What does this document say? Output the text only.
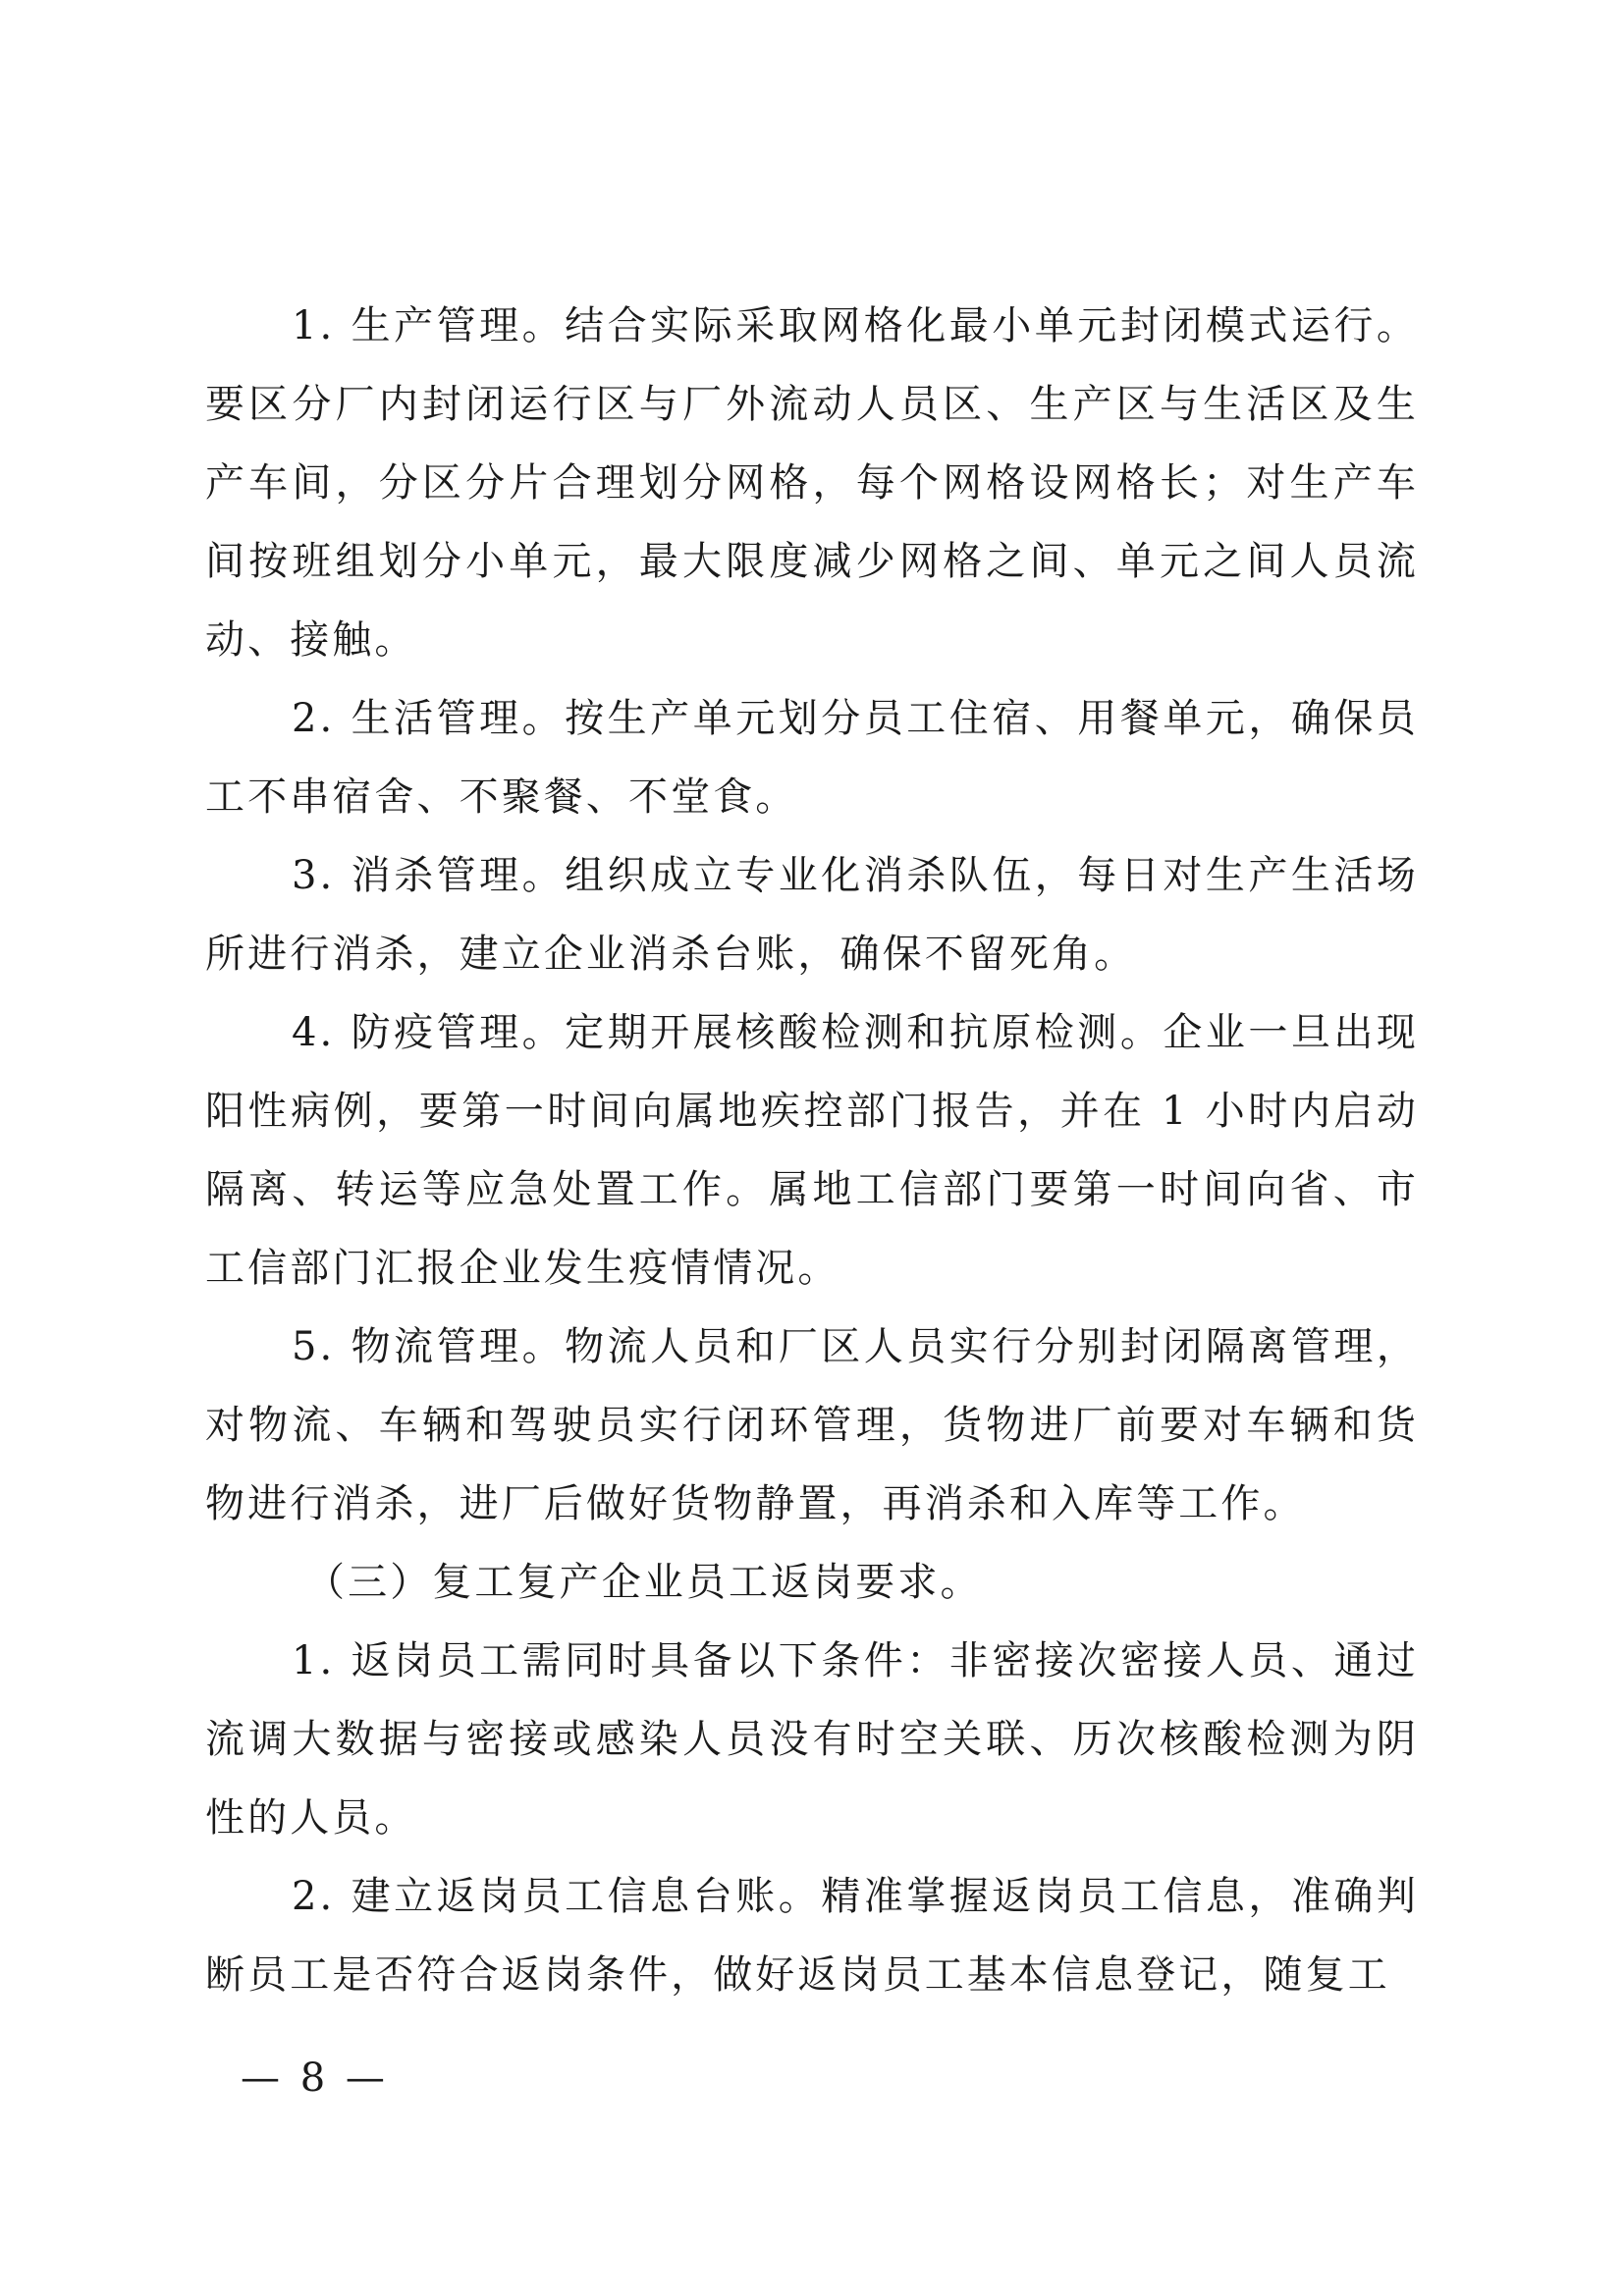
1. 生产管理。结合实际采取网格化最小单元封闭模式运行。要区分厂内封闭运行区与厂外流动人员区、生产区与生活区及生产车间，分区分片合理划分网格，每个网格设网格长；对生产车间按班组划分小单元，最大限度减少网格之间、单元之间人员流动、接触。

2. 生活管理。按生产单元划分员工住宿、用餐单元，确保员工不串宿舍、不聚餐、不堂食。

3. 消杀管理。组织成立专业化消杀队伍，每日对生产生活场所进行消杀，建立企业消杀台账，确保不留死角。

4. 防疫管理。定期开展核酸检测和抗原检测。企业一旦出现阳性病例，要第一时间向属地疾控部门报告，并在 1 小时内启动隔离、转运等应急处置工作。属地工信部门要第一时间向省、市工信部门汇报企业发生疫情情况。

5. 物流管理。物流人员和厂区人员实行分别封闭隔离管理，对物流、车辆和驾驶员实行闭环管理，货物进厂前要对车辆和货物进行消杀，进厂后做好货物静置，再消杀和入库等工作。

（三）复工复产企业员工返岗要求。

1. 返岗员工需同时具备以下条件：非密接次密接人员、通过流调大数据与密接或感染人员没有时空关联、历次核酸检测为阴性的人员。

2. 建立返岗员工信息台账。精准掌握返岗员工信息，准确判断员工是否符合返岗条件，做好返岗员工基本信息登记，随复工

— 8 —
